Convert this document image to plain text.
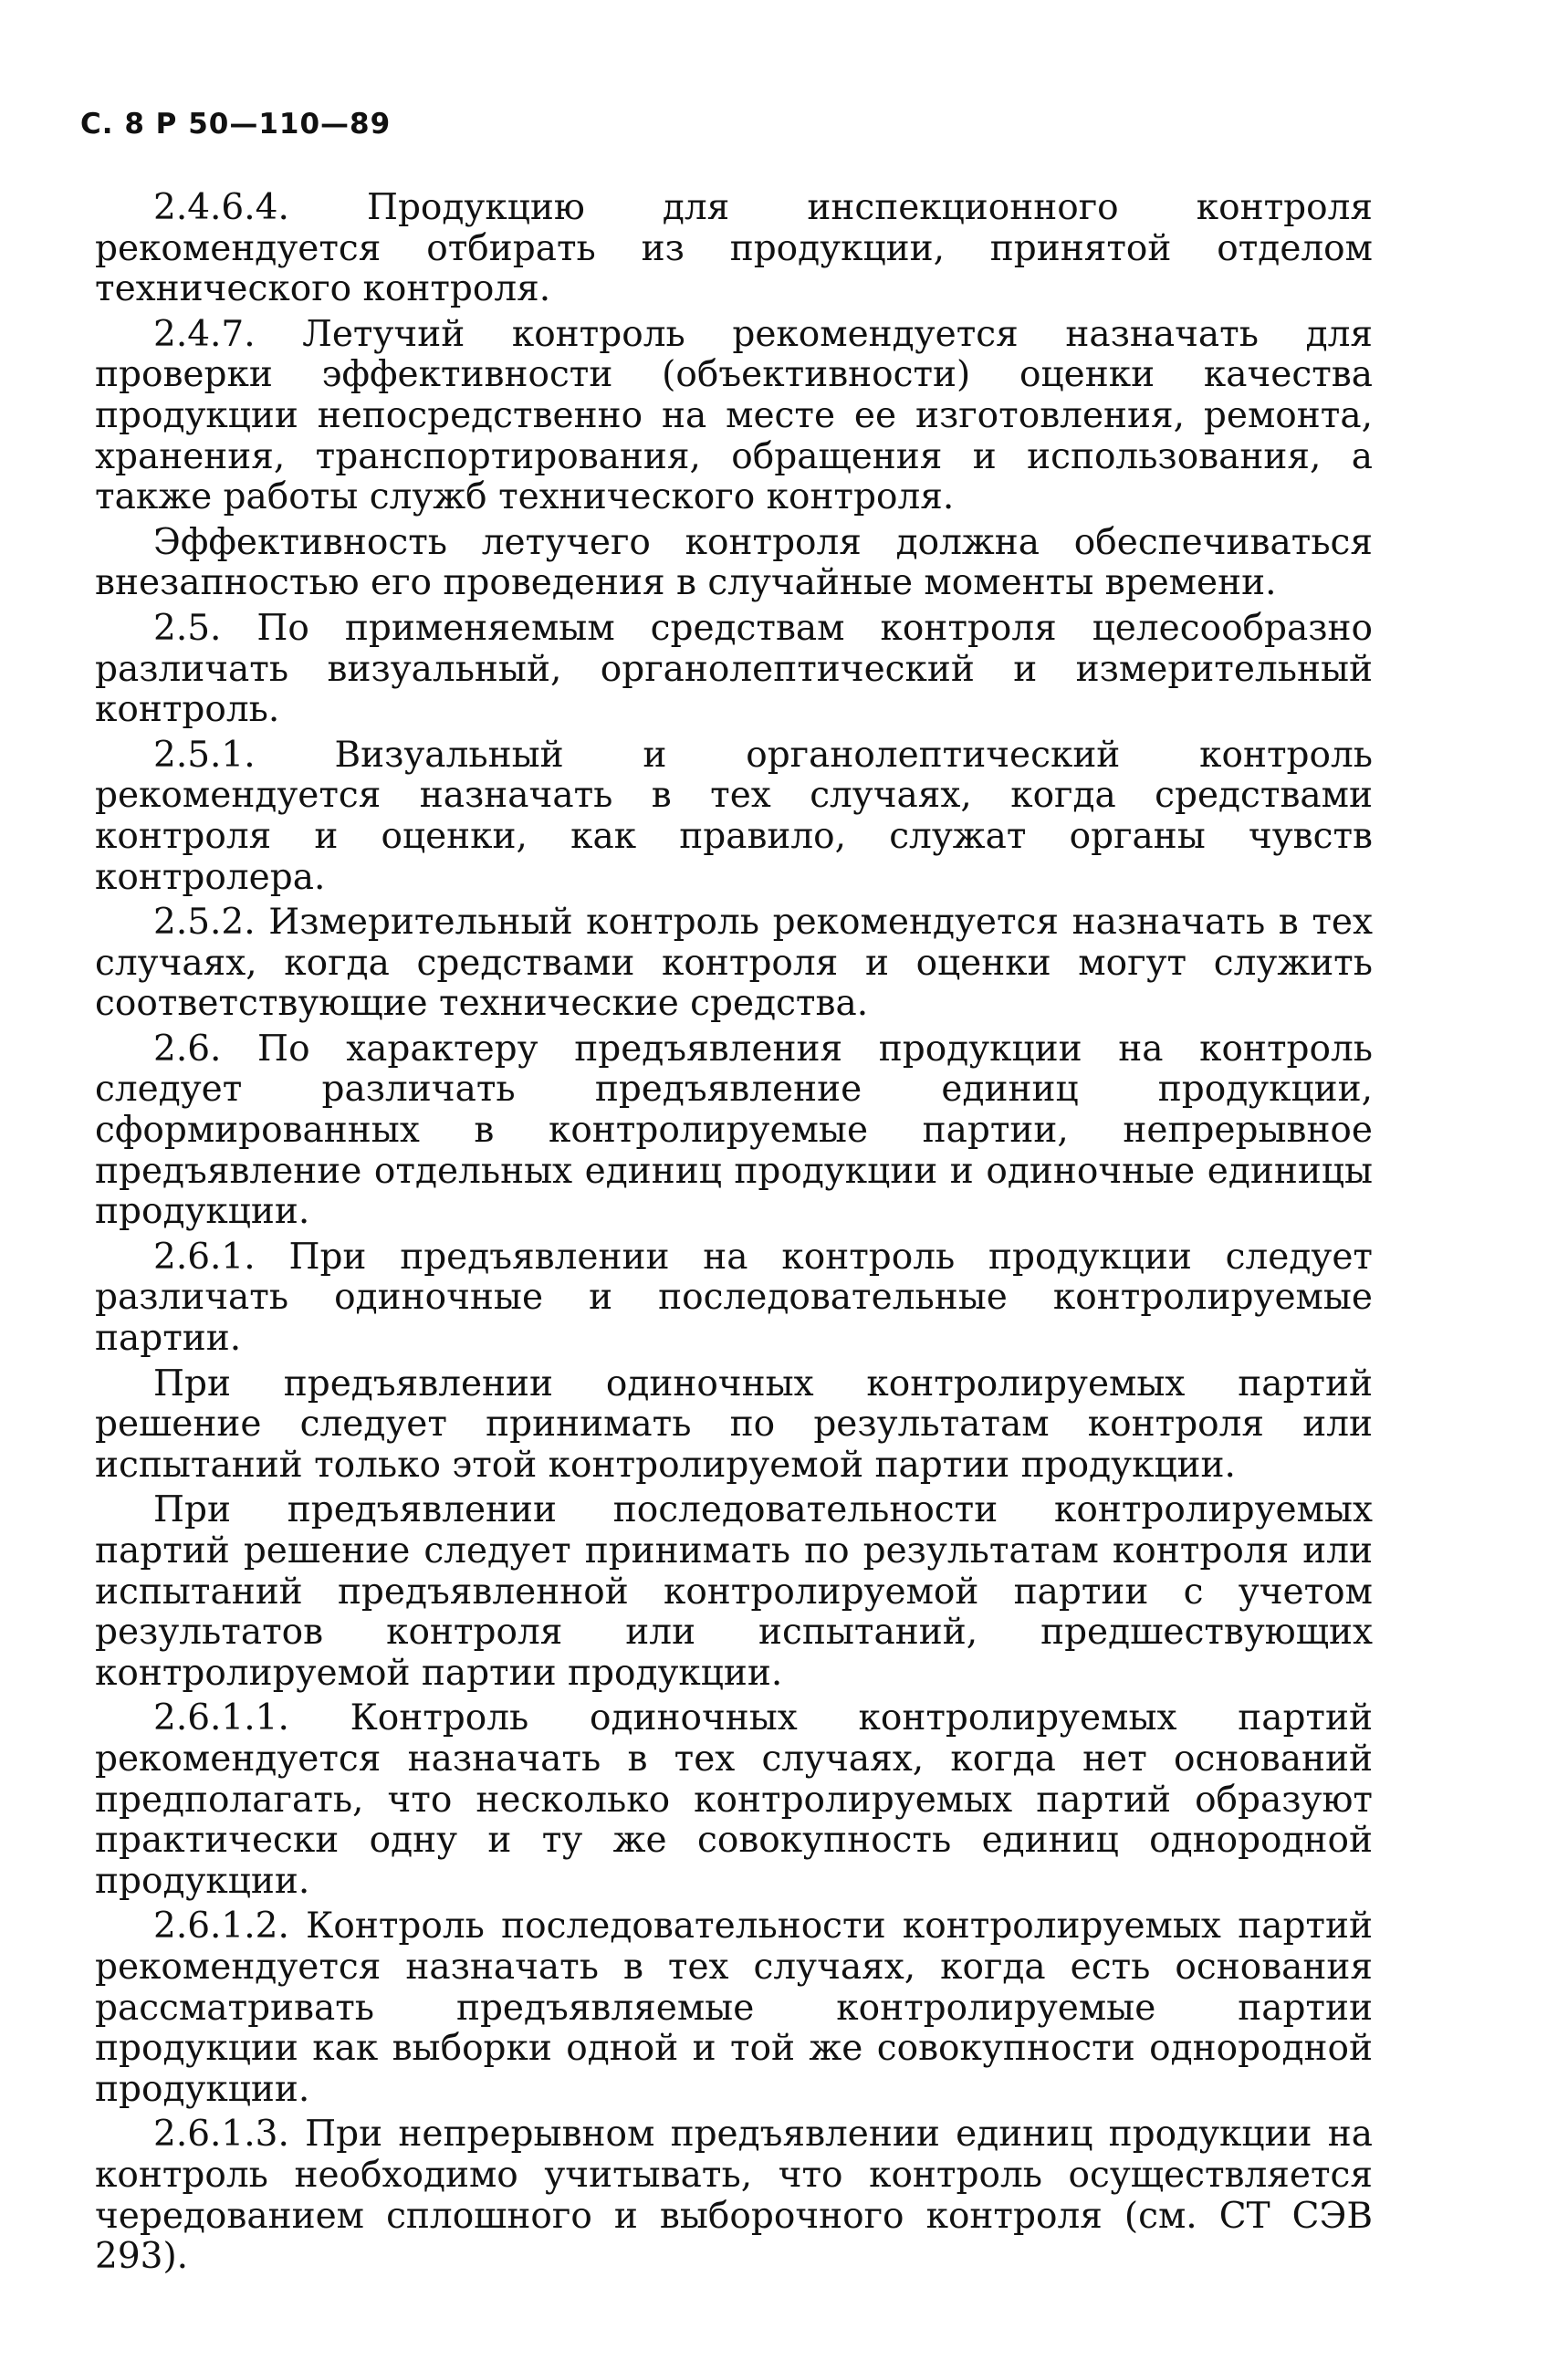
С. 8 Р 50—110—89

2.4.6.4. Продукцию для инспекционного контроля рекомендуется отбирать из продукции, принятой отделом технического контроля.

2.4.7. Летучий контроль рекомендуется назначать для проверки эффективности (объективности) оценки качества продукции непосредственно на месте ее изготовления, ремонта, хранения, транспортирования, обращения и использования, а также работы служб технического контроля.

Эффективность летучего контроля должна обеспечиваться внезапностью его проведения в случайные моменты времени.

2.5. По применяемым средствам контроля целесообразно различать визуальный, органолептический и измерительный контроль.

2.5.1. Визуальный и органолептический контроль рекомендуется назначать в тех случаях, когда средствами контроля и оценки, как правило, служат органы чувств контролера.

2.5.2. Измерительный контроль рекомендуется назначать в тех случаях, когда средствами контроля и оценки могут служить соответствующие технические средства.

2.6. По характеру предъявления продукции на контроль следует различать предъявление единиц продукции, сформированных в контролируемые партии, непрерывное предъявление отдельных единиц продукции и одиночные единицы продукции.

2.6.1. При предъявлении на контроль продукции следует различать одиночные и последовательные контролируемые партии.

При предъявлении одиночных контролируемых партий решение следует принимать по результатам контроля или испытаний только этой контролируемой партии продукции.

При предъявлении последовательности контролируемых партий решение следует принимать по результатам контроля или испытаний предъявленной контролируемой партии с учетом результатов контроля или испытаний, предшествующих контролируемой партии продукции.

2.6.1.1. Контроль одиночных контролируемых партий рекомендуется назначать в тех случаях, когда нет оснований предполагать, что несколько контролируемых партий образуют практически одну и ту же совокупность единиц однородной продукции.

2.6.1.2. Контроль последовательности контролируемых партий рекомендуется назначать в тех случаях, когда есть основания рассматривать предъявляемые контролируемые партии продукции как выборки одной и той же совокупности однородной продукции.

2.6.1.3. При непрерывном предъявлении единиц продукции на контроль необходимо учитывать, что контроль осуществляется чередованием сплошного и выборочного контроля (см. СТ СЭВ 293).
